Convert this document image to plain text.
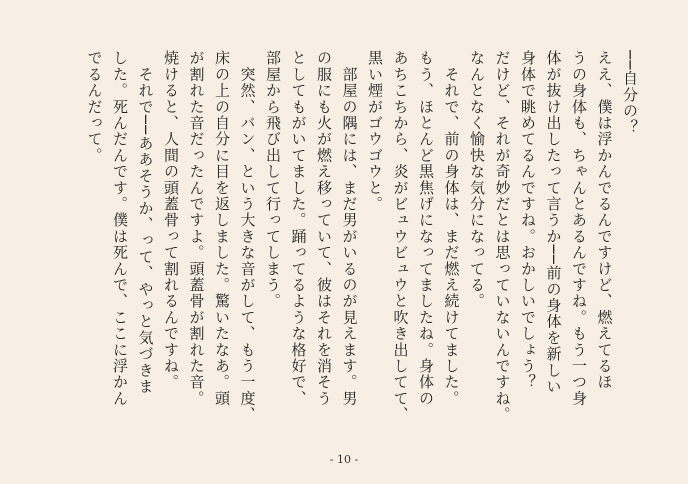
──自分の？
ええ、僕は浮かんでるんですけど、燃えてるほ
うの身体も、ちゃんとあるんですね。もう一つ身
体が抜け出したって言うか──前の身体を新しい
身体で眺めてるんですね。おかしいでしょう？
だけど、それが奇妙だとは思っていないんですね。
なんとなく愉快な気分になってる。
　それで、前の身体は、まだ燃え続けてました。
もう、ほとんど黒焦げになってましたね。身体の
あちこちから、炎がビュウビュウと吹き出してて、
黒い煙がゴウゴウと。
　部屋の隅には、まだ男がいるのが見えます。男
の服にも火が燃え移っていて、彼はそれを消そう
としてもがいてました。踊ってるような格好で、
部屋から飛び出して行ってしまう。
　突然、バン、という大きな音がして、もう一度、
床の上の自分に目を返しました。驚いたなあ。頭
が割れた音だったんですよ。頭蓋骨が割れた音。
焼けると、人間の頭蓋骨って割れるんですね。
　それで──ああそうか、って、やっと気づきま
した。死んだんです。僕は死んで、ここに浮かん
でるんだって。
- 10 -
